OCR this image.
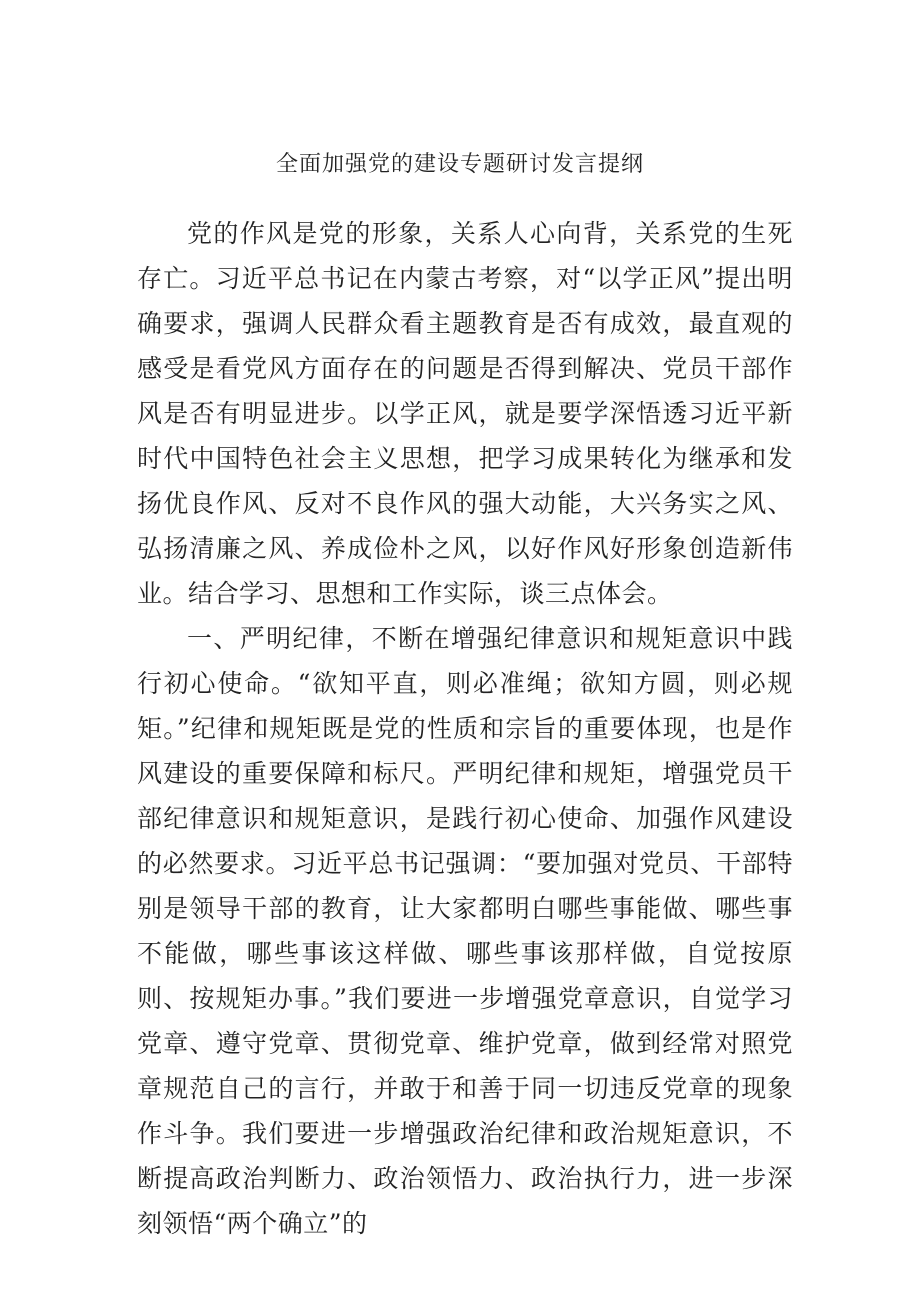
全面加强党的建设专题研讨发言提纲

党的作风是党的形象，关系人心向背，关系党的生死存亡。习近平总书记在内蒙古考察，对“以学正风”提出明确要求，强调人民群众看主题教育是否有成效，最直观的感受是看党风方面存在的问题是否得到解决、党员干部作风是否有明显进步。以学正风，就是要学深悟透习近平新时代中国特色社会主义思想，把学习成果转化为继承和发扬优良作风、反对不良作风的强大动能，大兴务实之风、弘扬清廉之风、养成俭朴之风，以好作风好形象创造新伟业。结合学习、思想和工作实际，谈三点体会。

一、严明纪律，不断在增强纪律意识和规矩意识中践行初心使命。“欲知平直，则必准绳；欲知方圆，则必规矩。”纪律和规矩既是党的性质和宗旨的重要体现，也是作风建设的重要保障和标尺。严明纪律和规矩，增强党员干部纪律意识和规矩意识，是践行初心使命、加强作风建设的必然要求。习近平总书记强调：“要加强对党员、干部特别是领导干部的教育，让大家都明白哪些事能做、哪些事不能做，哪些事该这样做、哪些事该那样做，自觉按原则、按规矩办事。”我们要进一步增强党章意识，自觉学习党章、遵守党章、贯彻党章、维护党章，做到经常对照党章规范自己的言行，并敢于和善于同一切违反党章的现象作斗争。我们要进一步增强政治纪律和政治规矩意识，不断提高政治判断力、政治领悟力、政治执行力，进一步深刻领悟“两个确立”的
